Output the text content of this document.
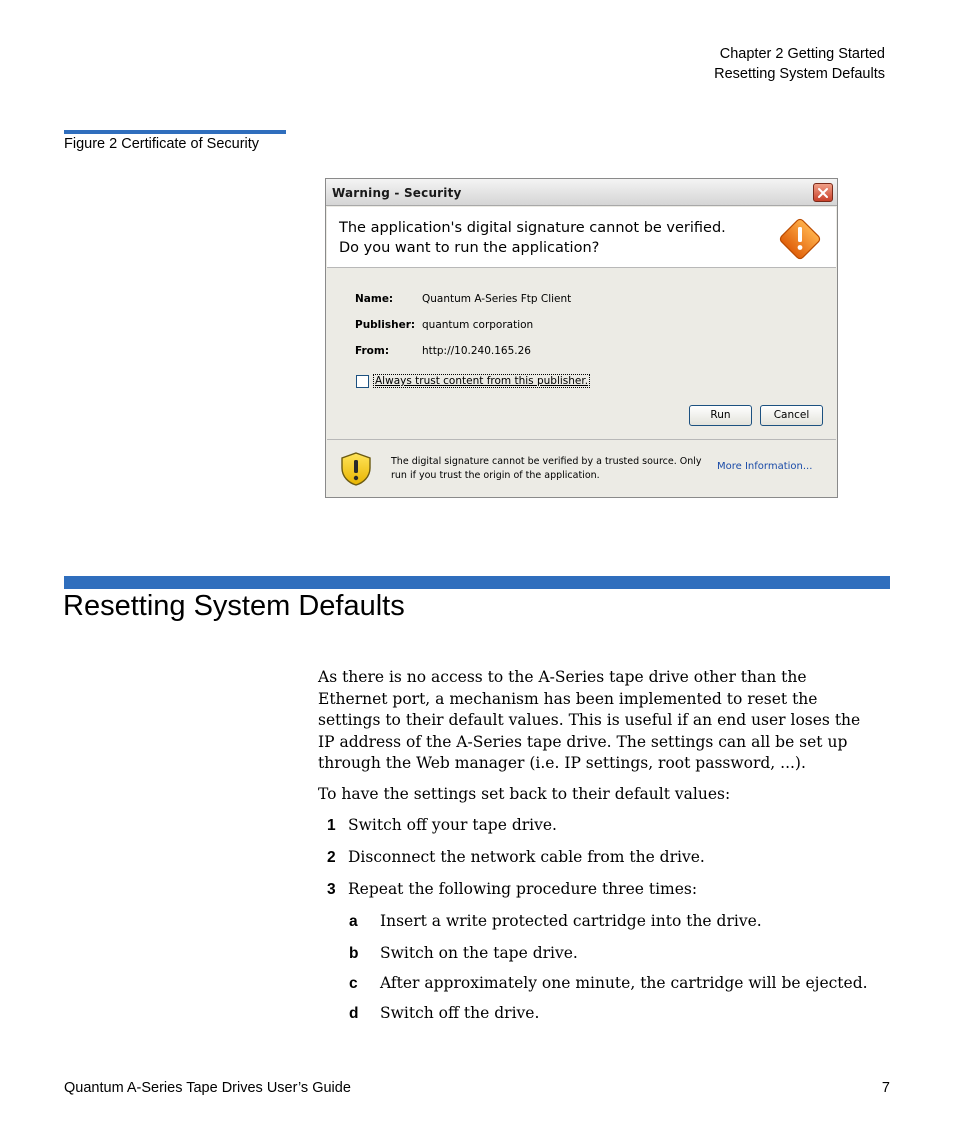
Chapter 2 Getting Started
Resetting System Defaults
Figure 2 Certificate of Security
Warning - Security
The application's digital signature cannot be verified.
Do you want to run the application?
Name:	Quantum A-Series Ftp Client
Publisher: quantum corporation
From:	http://10.240.165.26
Always trust content from this publisher.
Run	Cancel
The digital signature cannot be verified by a trusted source. Only
run if you trust the origin of the application.
More Information...
Resetting System Defaults

As there is no access to the A-Series tape drive other than the Ethernet port, a mechanism has been implemented to reset the settings to their default values. This is useful if an end user loses the IP address of the A-Series tape drive. The settings can all be set up through the Web manager (i.e. IP settings, root password, ...).

To have the settings set back to their default values:

1 Switch off your tape drive.
2 Disconnect the network cable from the drive.
3 Repeat the following procedure three times:
a Insert a write protected cartridge into the drive.
b Switch on the tape drive.
c After approximately one minute, the cartridge will be ejected.
d Switch off the drive.
Quantum A-Series Tape Drives User’s Guide	7
